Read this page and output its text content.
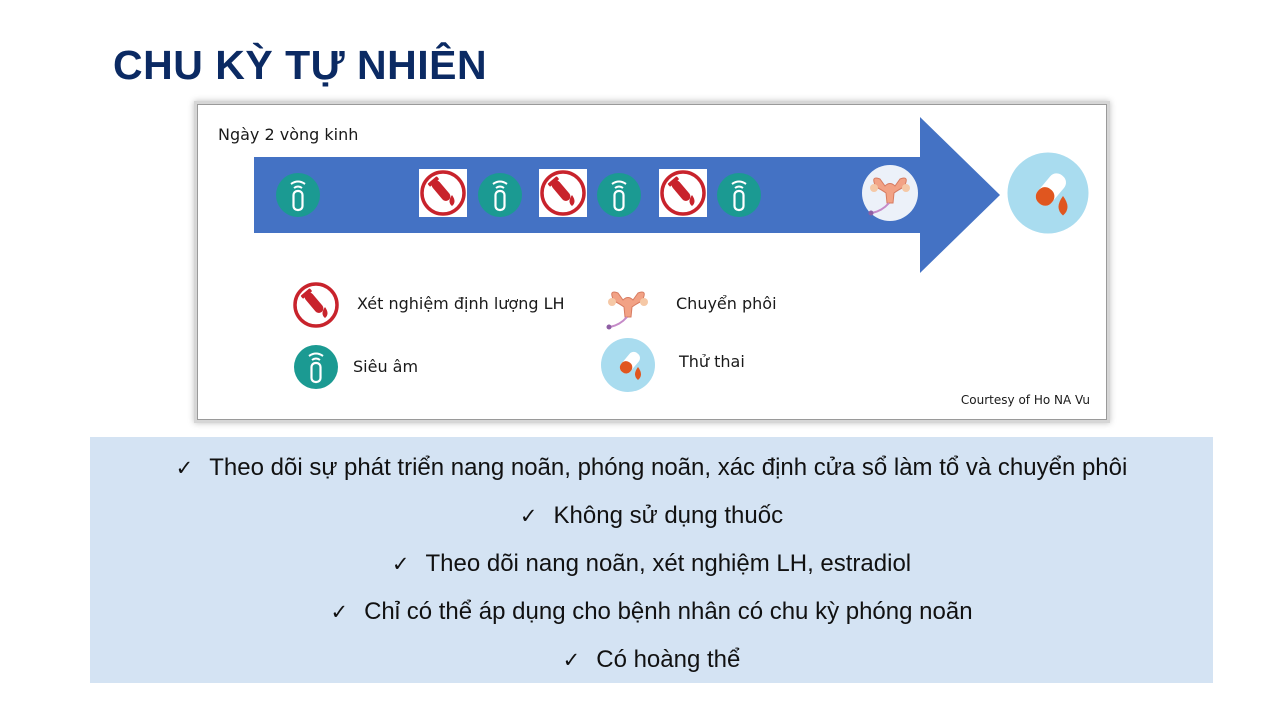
CHU KỲ TỰ NHIÊN
Ngày 2 vòng kinh
Xét nghiệm định lượng LH	Chuyển phôi
Siêu âm	Thử thai
Courtesy of Ho NA Vu
✓ Theo dõi sự phát triển nang noãn, phóng noãn, xác định cửa sổ làm tổ và chuyển phôi
✓ Không sử dụng thuốc
✓ Theo dõi nang noãn, xét nghiệm LH, estradiol
✓ Chỉ có thể áp dụng cho bệnh nhân có chu kỳ phóng noãn
✓ Có hoàng thể
